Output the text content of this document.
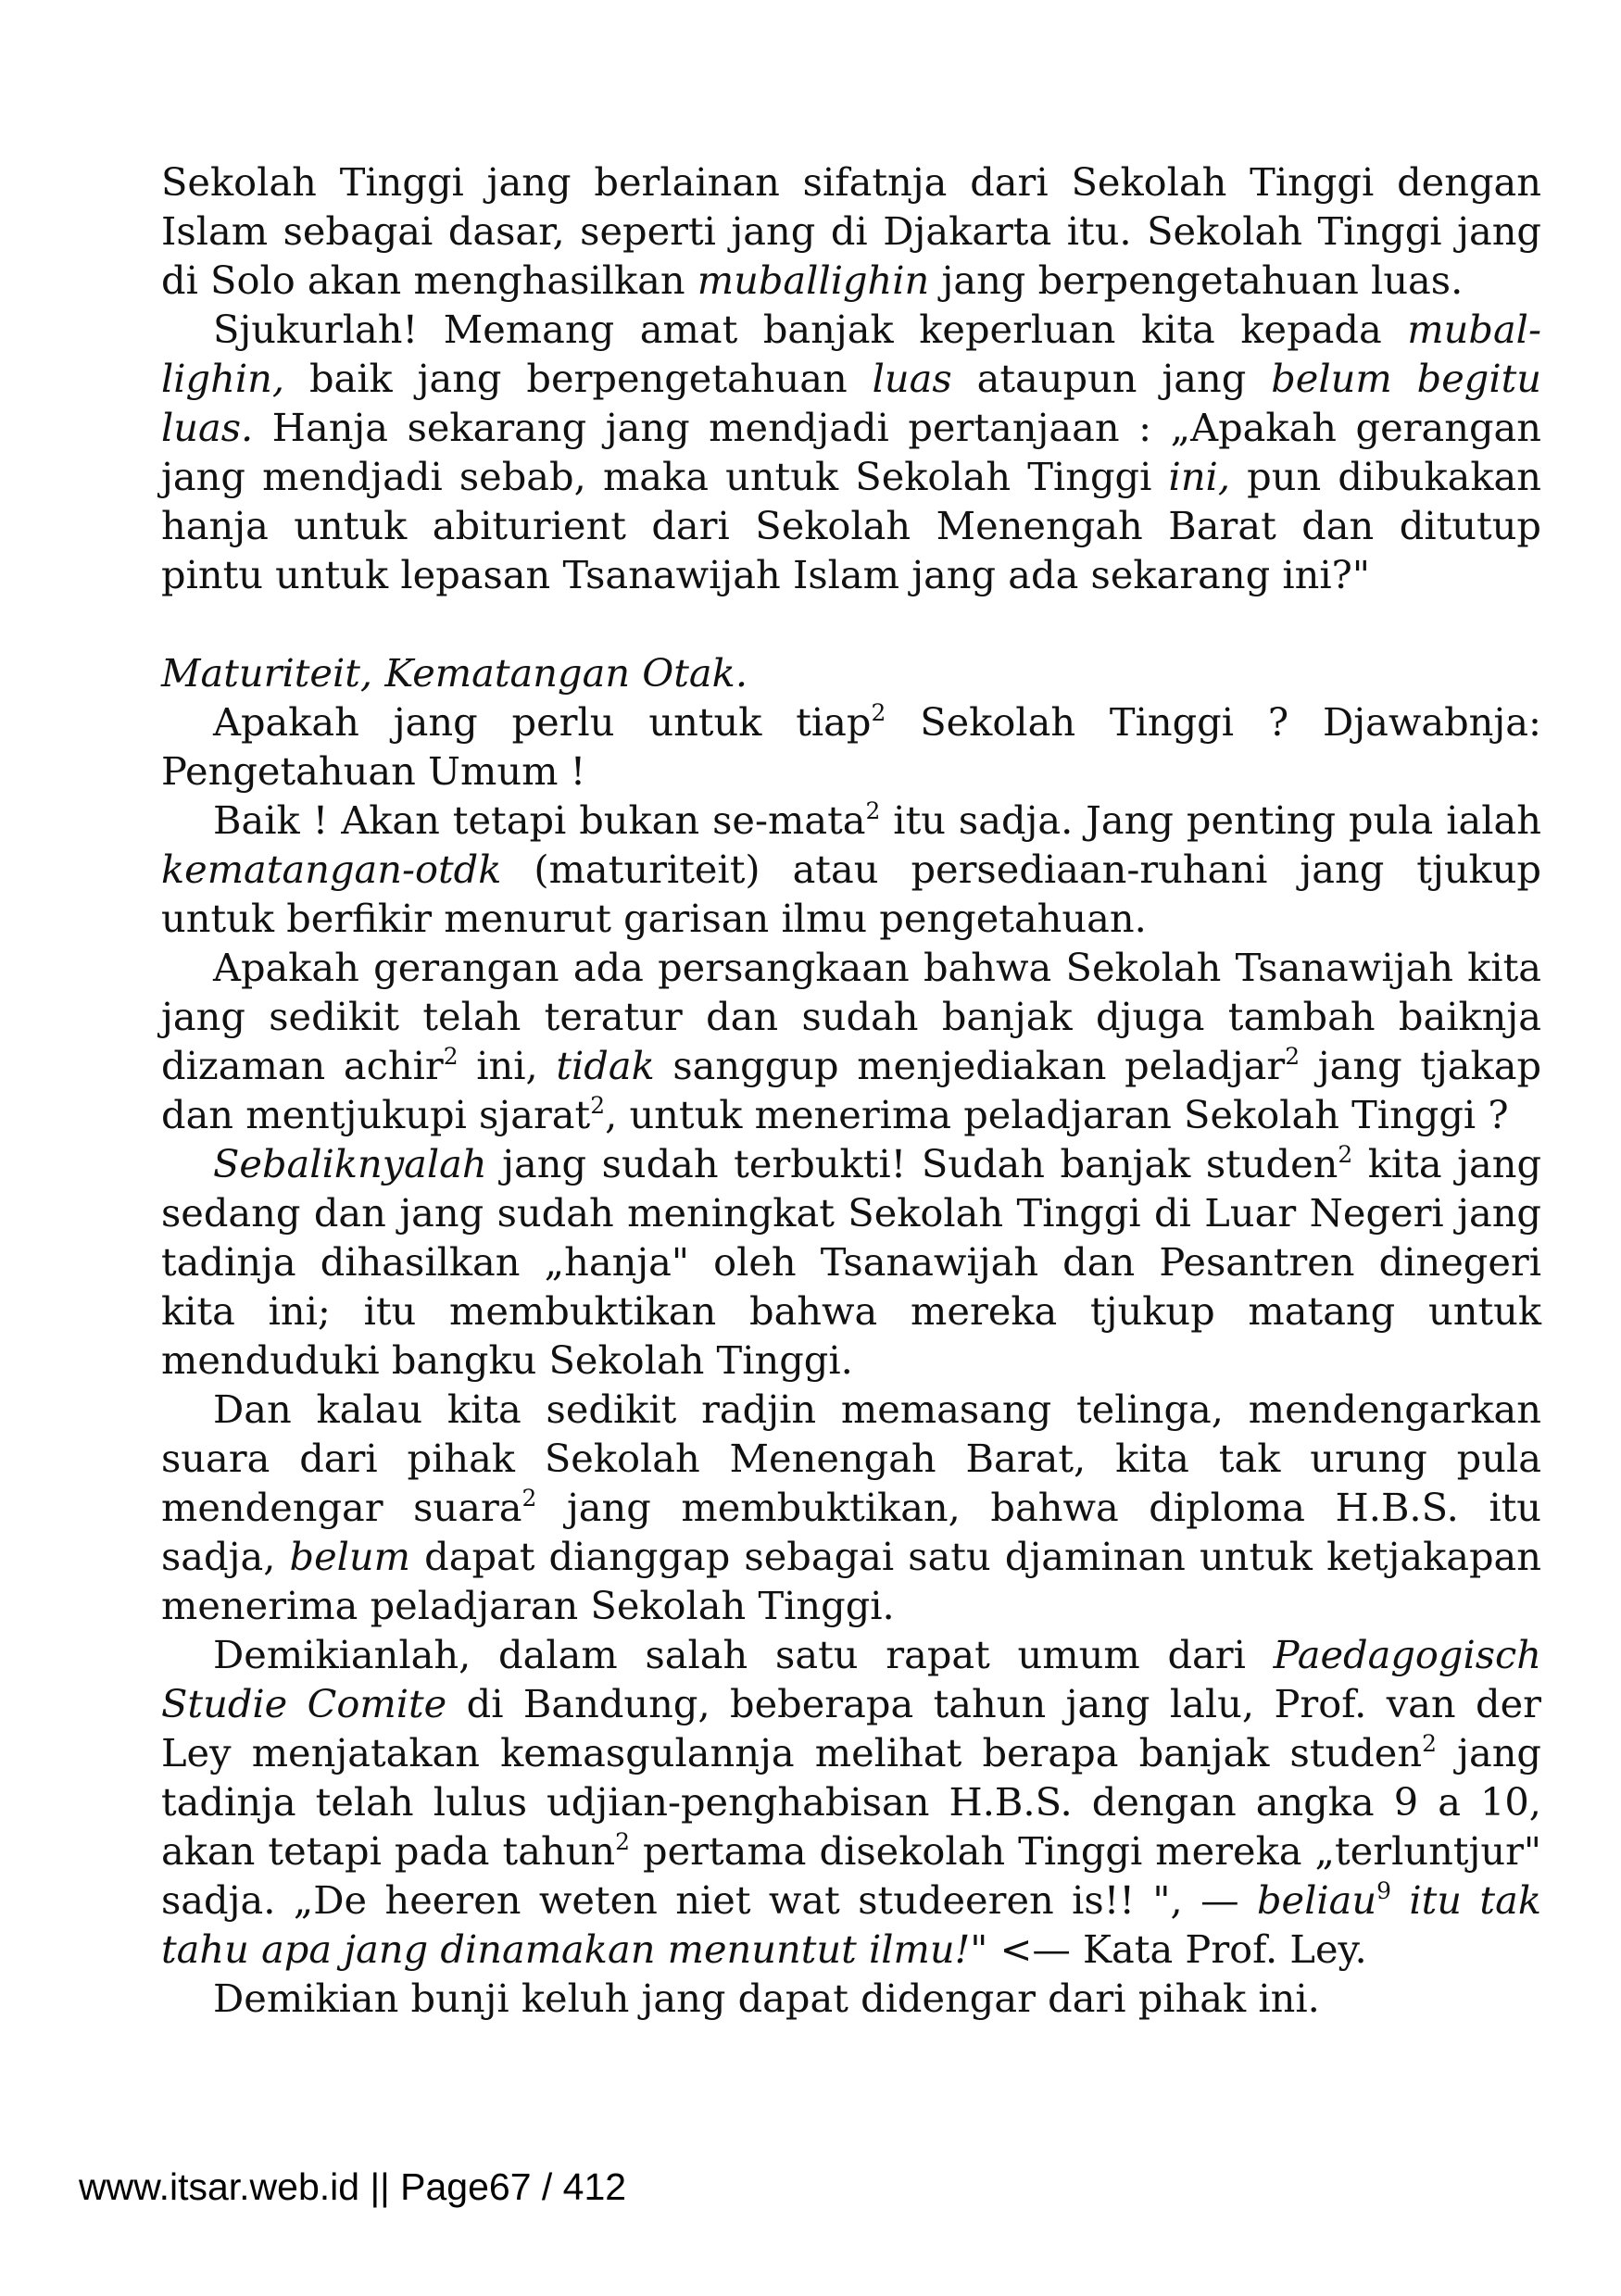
Sekolah Tinggi jang berlainan sifatnja dari Sekolah Tinggi dengan Islam sebagai dasar, seperti jang di Djakarta itu. Sekolah Tinggi jang di Solo akan menghasilkan muballighin jang berpengetahuan luas.

Sjukurlah! Memang amat banjak keperluan kita kepada muballighin, baik jang berpengetahuan luas ataupun jang belum begitu luas. Hanja sekarang jang mendjadi pertanjaan : „Apakah gerangan jang mendjadi sebab, maka untuk Sekolah Tinggi ini, pun dibukakan hanja untuk abiturient dari Sekolah Menengah Barat dan ditutup pintu untuk lepasan Tsanawijah Islam jang ada sekarang ini?"

Maturiteit, Kematangan Otak.

Apakah jang perlu untuk tiap$^2$ Sekolah Tinggi ? Djawabnja: Pengetahuan Umum !

Baik ! Akan tetapi bukan se-mata$^2$ itu sadja. Jang penting pula ialah kematangan-otdk (maturiteit) atau persediaan-ruhani jang tjukup untuk berfikir menurut garisan ilmu pengetahuan.

Apakah gerangan ada persangkaan bahwa Sekolah Tsanawijah kita jang sedikit telah teratur dan sudah banjak djuga tambah baiknja dizaman achir$^2$ ini, tidak sanggup menjediakan peladjar$^2$ jang tjakap dan mentjukupi sjarat$^2$, untuk menerima peladjaran Sekolah Tinggi ?

Sebaliknyalah jang sudah terbukti! Sudah banjak studen$^2$ kita jang sedang dan jang sudah meningkat Sekolah Tinggi di Luar Negeri jang tadinja dihasilkan „hanja" oleh Tsanawijah dan Pesantren dinegeri kita ini; itu membuktikan bahwa mereka tjukup matang untuk menduduki bangku Sekolah Tinggi.

Dan kalau kita sedikit radjin memasang telinga, mendengarkan suara dari pihak Sekolah Menengah Barat, kita tak urung pula mendengar suara$^2$ jang membuktikan, bahwa diploma H.B.S. itu sadja, belum dapat dianggap sebagai satu djaminan untuk ketjakapan menerima peladjaran Sekolah Tinggi.

Demikianlah, dalam salah satu rapat umum dari Paedagogisch Studie Comite di Bandung, beberapa tahun jang lalu, Prof. van der Ley menjatakan kemasgulannja melihat berapa banjak studen$^2$ jang tadinja telah lulus udjian-penghabisan H.B.S. dengan angka 9 a 10, akan tetapi pada tahun$^2$ pertama disekolah Tinggi mereka „terluntjur" sadja. „De heeren weten niet wat studeeren is!! ", — beliau$^9$ itu tak tahu apa jang dinamakan menuntut ilmu!" <— Kata Prof. Ley.

Demikian bunji keluh jang dapat didengar dari pihak ini.

www.itsar.web.id || Page67 / 412
